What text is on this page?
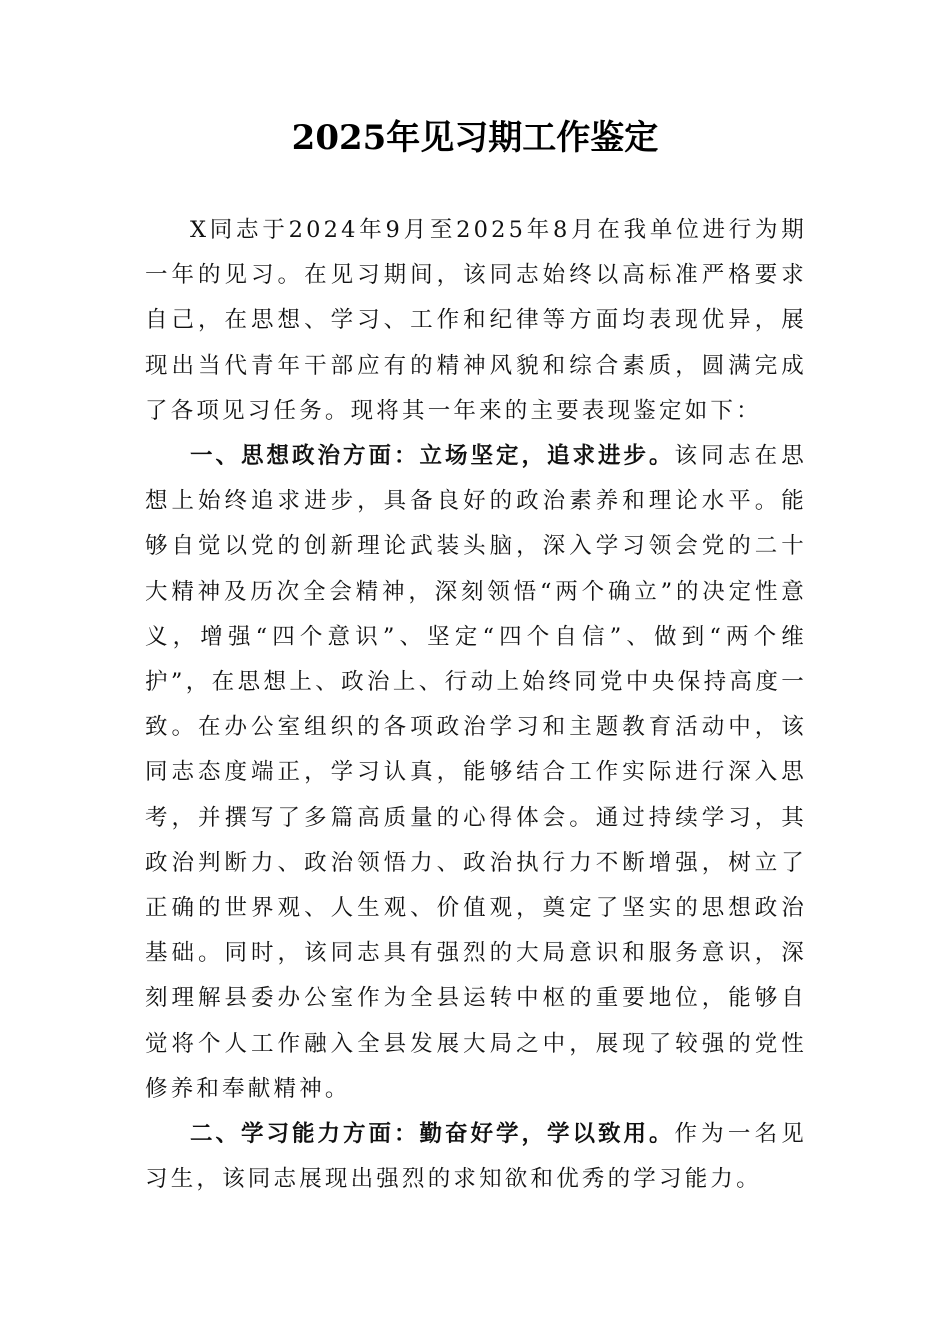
2025年见习期工作鉴定

X同志于2024年9月至2025年8月在我单位进行为期一年的见习。在见习期间，该同志始终以高标准严格要求自己，在思想、学习、工作和纪律等方面均表现优异，展现出当代青年干部应有的精神风貌和综合素质，圆满完成了各项见习任务。现将其一年来的主要表现鉴定如下：

一、思想政治方面：立场坚定，追求进步。该同志在思想上始终追求进步，具备良好的政治素养和理论水平。能够自觉以党的创新理论武装头脑，深入学习领会党的二十大精神及历次全会精神，深刻领悟“两个确立”的决定性意义，增强“四个意识”、坚定“四个自信”、做到“两个维护”，在思想上、政治上、行动上始终同党中央保持高度一致。在办公室组织的各项政治学习和主题教育活动中，该同志态度端正，学习认真，能够结合工作实际进行深入思考，并撰写了多篇高质量的心得体会。通过持续学习，其政治判断力、政治领悟力、政治执行力不断增强，树立了正确的世界观、人生观、价值观，奠定了坚实的思想政治基础。同时，该同志具有强烈的大局意识和服务意识，深刻理解县委办公室作为全县运转中枢的重要地位，能够自觉将个人工作融入全县发展大局之中，展现了较强的党性修养和奉献精神。

二、学习能力方面：勤奋好学，学以致用。作为一名见习生，该同志展现出强烈的求知欲和优秀的学习能力。
